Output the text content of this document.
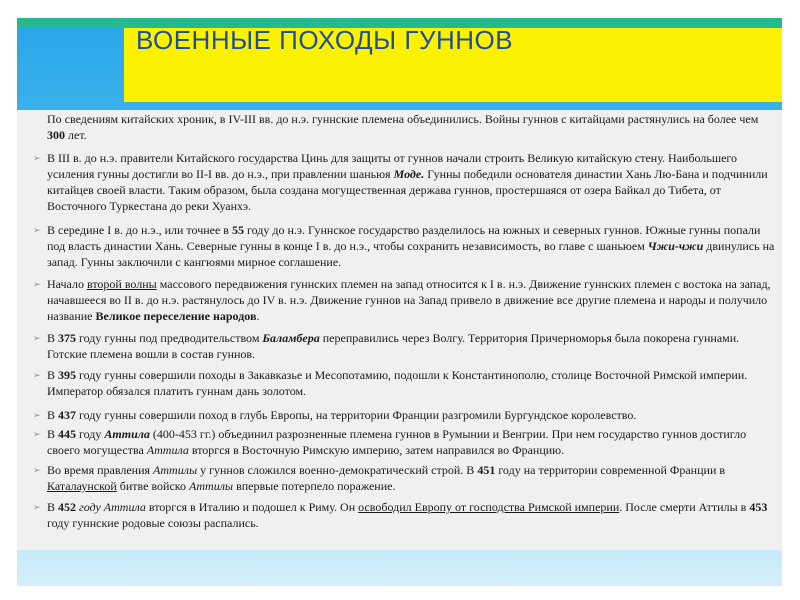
ВОЕННЫЕ ПОХОДЫ ГУННОВ
По сведениям китайских хроник, в IV-III вв. до н.э. гуннские племена объединились. Войны гуннов с китайцами растянулись на более чем 300 лет.
➢ В III в. до н.э. правители Китайского государства Цинь для защиты от гуннов начали строить Великую китайскую стену. Наибольшего усиления гунны достигли во II-I вв. до н.э., при правлении шаньюя Моде. Гунны победили основателя династии Хань Лю-Бана и подчинили китайцев своей власти. Таким образом, была создана могущественная держава гуннов, простершаяся от озера Байкал до Тибета, от Восточного Туркестана до реки Хуанхэ.
➢ В середине I в. до н.э., или точнее в 55 году до н.э. Гуннское государство разделилось на южных и северных гуннов. Южные гунны попали под власть династии Хань. Северные гунны в конце I в. до н.э., чтобы сохранить независимость, во главе с шаньюем Чжи-чжи двинулись на запад. Гунны заключили с кангюями мирное соглашение.
➢ Начало второй волны массового передвижения гуннских племен на запад относится к I в. н.э. Движение гуннских племен с востока на запад, начавшееся во II в. до н.э. растянулось до IV в. н.э. Движение гуннов на Запад привело в движение все другие племена и народы и получило название Великое переселение народов.
➢ В 375 году гунны под предводительством Баламбера переправились через Волгу. Территория Причерноморья была покорена гуннами. Готские племена вошли в состав гуннов.
➢ В 395 году гунны совершили походы в Закавказье и Месопотамию, подошли к Константинополю, столице Восточной Римской империи. Император обязался платить гуннам дань золотом.
➢ В 437 году гунны совершили поход в глубь Европы, на территории Франции разгромили Бургундское королевство.
➢ В 445 году Аттила (400-453 гг.) объединил разрозненные племена гуннов в Румынии и Венгрии. При нем государство гуннов достигло своего могущества Аттила вторгся в Восточную Римскую империю, затем направился во Францию.
➢ Во время правления Аттилы у гуннов сложился военно-демократический строй. В 451 году на территории современной Франции в Каталаунской битве войско Аттилы впервые потерпело поражение.
➢ В 452 году Аттила вторгся в Италию и подошел к Риму. Он освободил Европу от господства Римской империи. После смерти Аттилы в 453 году гуннские родовые союзы распались.
